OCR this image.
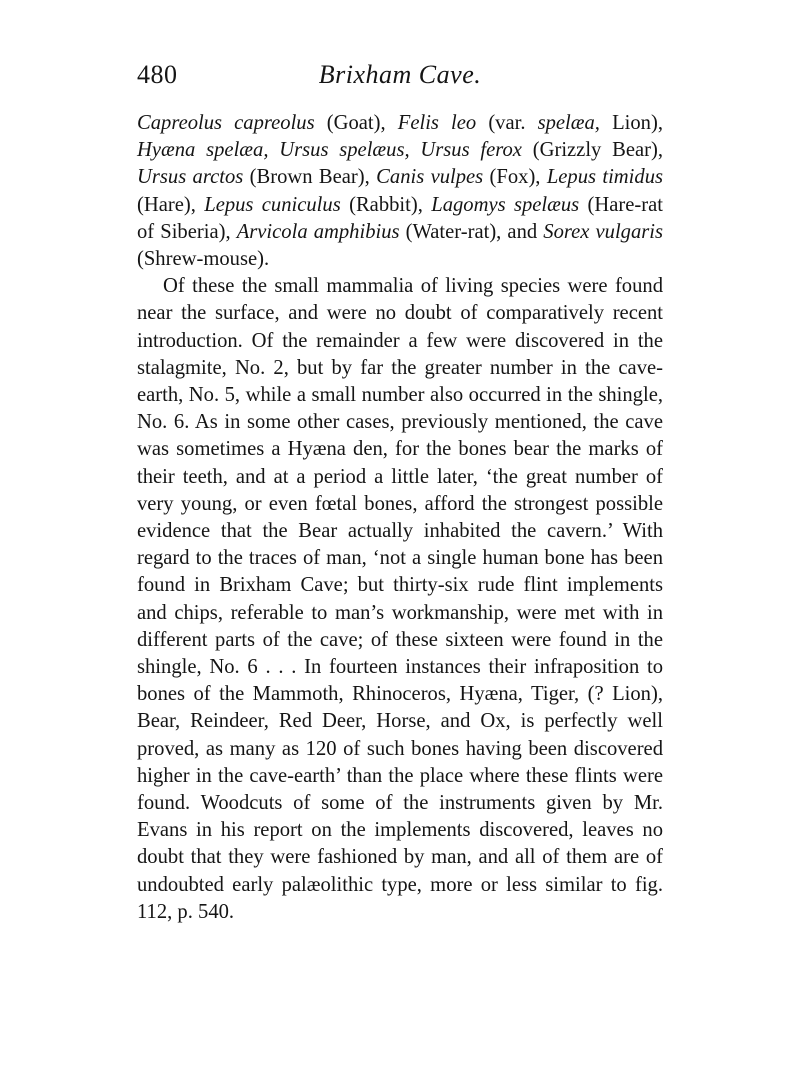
480	Brixham Cave.

Capreolus capreolus (Goat), Felis leo (var. spelæa, Lion), Hyæna spelæa, Ursus spelæus, Ursus ferox (Grizzly Bear), Ursus arctos (Brown Bear), Canis vulpes (Fox), Lepus timidus (Hare), Lepus cuniculus (Rabbit), Lagomys spelæus (Hare-rat of Siberia), Arvicola amphibius (Water-rat), and Sorex vulgaris (Shrew-mouse).

Of these the small mammalia of living species were found near the surface, and were no doubt of comparatively recent introduction. Of the remainder a few were discovered in the stalagmite, No. 2, but by far the greater number in the cave-earth, No. 5, while a small number also occurred in the shingle, No. 6. As in some other cases, previously mentioned, the cave was sometimes a Hyæna den, for the bones bear the marks of their teeth, and at a period a little later, ‘the great number of very young, or even fœtal bones, afford the strongest possible evidence that the Bear actually inhabited the cavern.’ With regard to the traces of man, ‘not a single human bone has been found in Brixham Cave; but thirty-six rude flint implements and chips, referable to man’s workmanship, were met with in different parts of the cave; of these sixteen were found in the shingle, No. 6 . . . In fourteen instances their infraposition to bones of the Mammoth, Rhinoceros, Hyæna, Tiger, (? Lion), Bear, Reindeer, Red Deer, Horse, and Ox, is perfectly well proved, as many as 120 of such bones having been discovered higher in the cave-earth’ than the place where these flints were found. Woodcuts of some of the instruments given by Mr. Evans in his report on the implements discovered, leaves no doubt that they were fashioned by man, and all of them are of undoubted early palæolithic type, more or less similar to fig. 112, p. 540.
